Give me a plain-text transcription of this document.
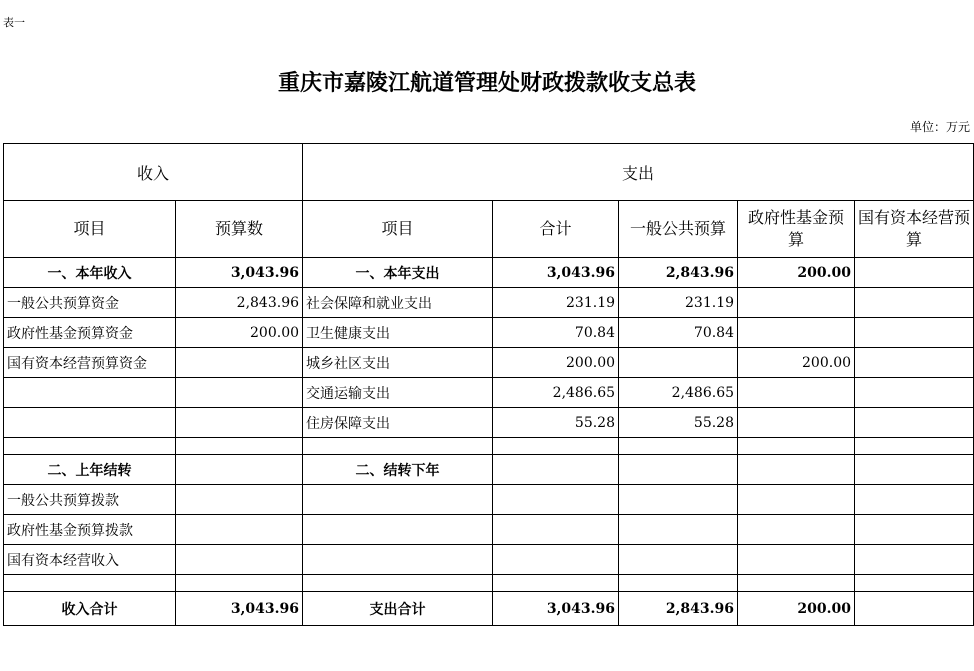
表一
重庆市嘉陵江航道管理处财政拨款收支总表
单位：万元
收入		支出				
项目	预算数	项目	合计	一般公共预算	政府性基金预算	国有资本经营预算
一、本年收入	3,043.96	一、本年支出	3,043.96	2,843.96	200.00	
一般公共预算资金	2,843.96	社会保障和就业支出	231.19	231.19		
政府性基金预算资金	200.00	卫生健康支出	70.84	70.84		
国有资本经营预算资金		城乡社区支出	200.00		200.00	
		交通运输支出	2,486.65	2,486.65		
		住房保障支出	55.28	55.28		

二、上年结转		二、结转下年				
一般公共预算拨款						
政府性基金预算拨款						
国有资本经营收入						

收入合计	3,043.96	支出合计	3,043.96	2,843.96	200.00	
